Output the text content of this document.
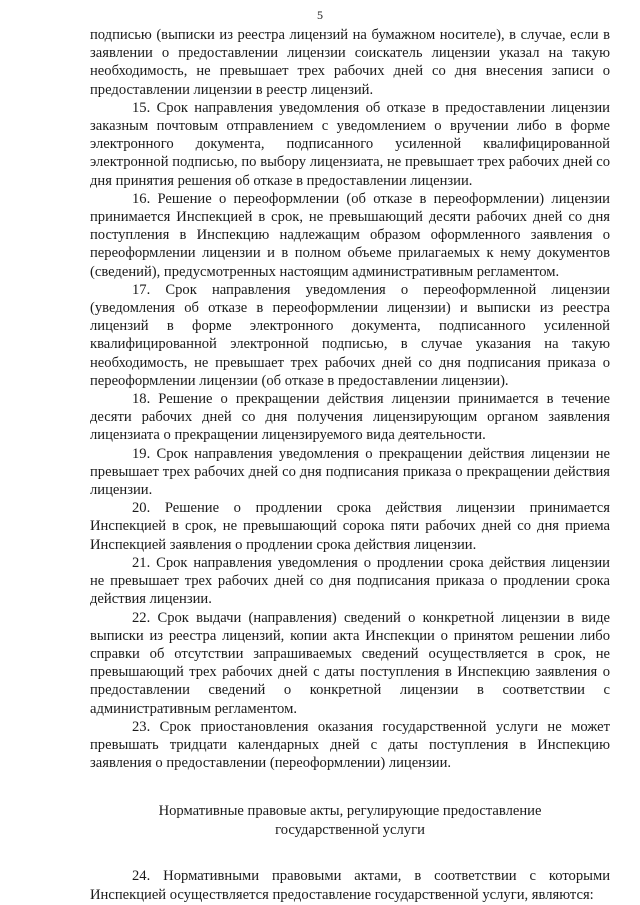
5

подписью (выписки из реестра лицензий на бумажном носителе), в случае, если в заявлении о предоставлении лицензии соискатель лицензии указал на такую необходимость, не превышает трех рабочих дней со дня внесения записи о предоставлении лицензии в реестр лицензий.

15. Срок направления уведомления об отказе в предоставлении лицензии заказным почтовым отправлением с уведомлением о вручении либо в форме электронного документа, подписанного усиленной квалифицированной электронной подписью, по выбору лицензиата, не превышает трех рабочих дней со дня принятия решения об отказе в предоставлении лицензии.

16. Решение о переоформлении (об отказе в переоформлении) лицензии принимается Инспекцией в срок, не превышающий десяти рабочих дней со дня поступления в Инспекцию надлежащим образом оформленного заявления о переоформлении лицензии и в полном объеме прилагаемых к нему документов (сведений), предусмотренных настоящим административным регламентом.

17. Срок направления уведомления о переоформленной лицензии (уведомления об отказе в переоформлении лицензии) и выписки из реестра лицензий в форме электронного документа, подписанного усиленной квалифицированной электронной подписью, в случае указания на такую необходимость, не превышает трех рабочих дней со дня подписания приказа о переоформлении лицензии (об отказе в предоставлении лицензии).

18. Решение о прекращении действия лицензии принимается в течение десяти рабочих дней со дня получения лицензирующим органом заявления лицензиата о прекращении лицензируемого вида деятельности.

19. Срок направления уведомления о прекращении действия лицензии не превышает трех рабочих дней со дня подписания приказа о прекращении действия лицензии.

20. Решение о продлении срока действия лицензии принимается Инспекцией в срок, не превышающий сорока пяти рабочих дней со дня приема Инспекцией заявления о продлении срока действия лицензии.

21. Срок направления уведомления о продлении срока действия лицензии не превышает трех рабочих дней со дня подписания приказа о продлении срока действия лицензии.

22. Срок выдачи (направления) сведений о конкретной лицензии в виде выписки из реестра лицензий, копии акта Инспекции о принятом решении либо справки об отсутствии запрашиваемых сведений осуществляется в срок, не превышающий трех рабочих дней с даты поступления в Инспекцию заявления о предоставлении сведений о конкретной лицензии в соответствии с административным регламентом.

23. Срок приостановления оказания государственной услуги не может превышать тридцати календарных дней с даты поступления в Инспекцию заявления о предоставлении (переоформлении) лицензии.

Нормативные правовые акты, регулирующие предоставление
государственной услуги

24. Нормативными правовыми актами, в соответствии с которыми Инспекцией осуществляется предоставление государственной услуги, являются:
